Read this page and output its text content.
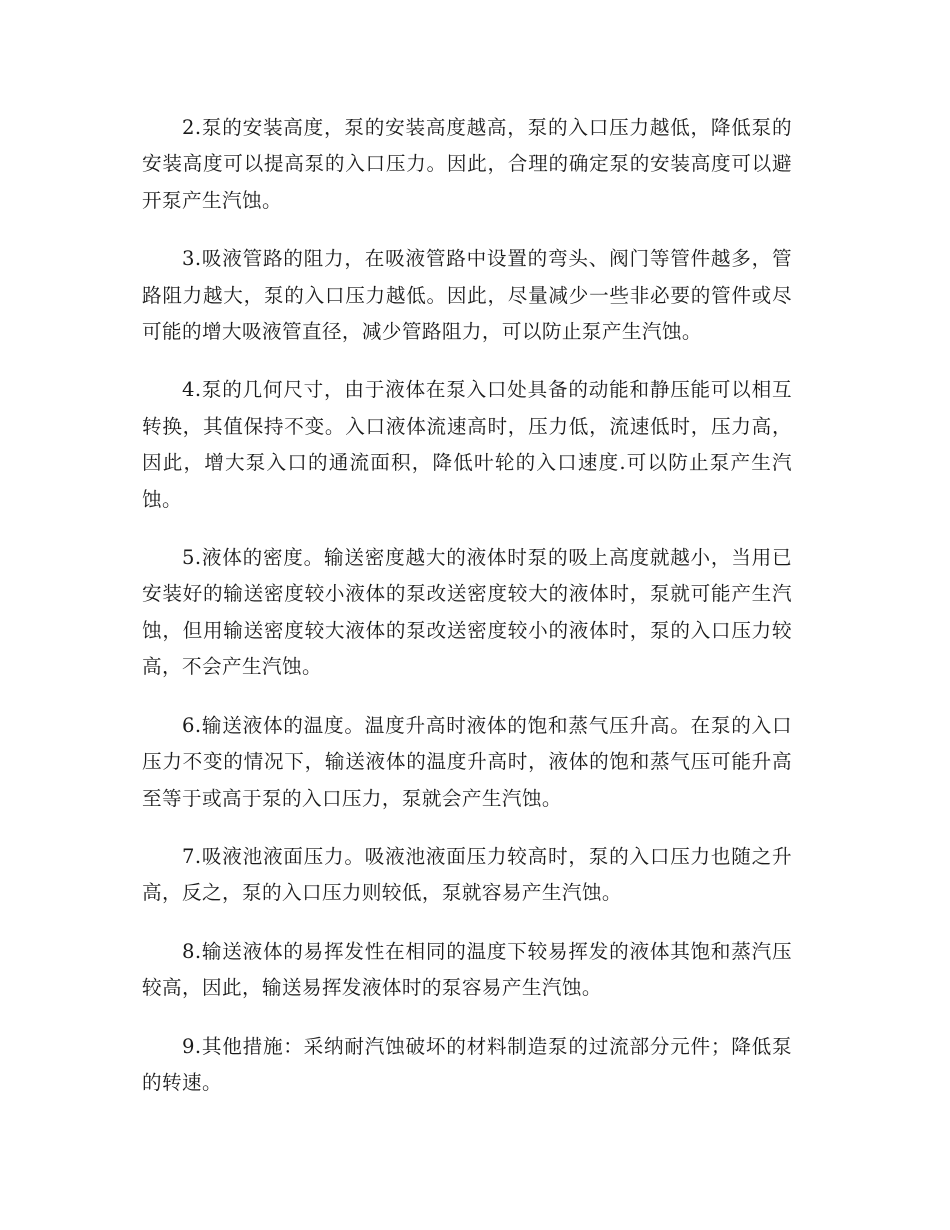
2.泵的安装高度，泵的安装高度越高，泵的入口压力越低，降低泵的安装高度可以提高泵的入口压力。因此，合理的确定泵的安装高度可以避开泵产生汽蚀。

3.吸液管路的阻力，在吸液管路中设置的弯头、阀门等管件越多，管路阻力越大，泵的入口压力越低。因此，尽量减少一些非必要的管件或尽可能的增大吸液管直径，减少管路阻力，可以防止泵产生汽蚀。

4.泵的几何尺寸，由于液体在泵入口处具备的动能和静压能可以相互转换，其值保持不变。入口液体流速高时，压力低，流速低时，压力高，因此，增大泵入口的通流面积，降低叶轮的入口速度.可以防止泵产生汽蚀。

5.液体的密度。输送密度越大的液体时泵的吸上高度就越小，当用已安装好的输送密度较小液体的泵改送密度较大的液体时，泵就可能产生汽蚀，但用输送密度较大液体的泵改送密度较小的液体时，泵的入口压力较高，不会产生汽蚀。

6.输送液体的温度。温度升高时液体的饱和蒸气压升高。在泵的入口压力不变的情况下，输送液体的温度升高时，液体的饱和蒸气压可能升高至等于或高于泵的入口压力，泵就会产生汽蚀。

7.吸液池液面压力。吸液池液面压力较高时，泵的入口压力也随之升高，反之，泵的入口压力则较低，泵就容易产生汽蚀。

8.输送液体的易挥发性在相同的温度下较易挥发的液体其饱和蒸汽压较高，因此，输送易挥发液体时的泵容易产生汽蚀。

9.其他措施：采纳耐汽蚀破坏的材料制造泵的过流部分元件；降低泵的转速。
